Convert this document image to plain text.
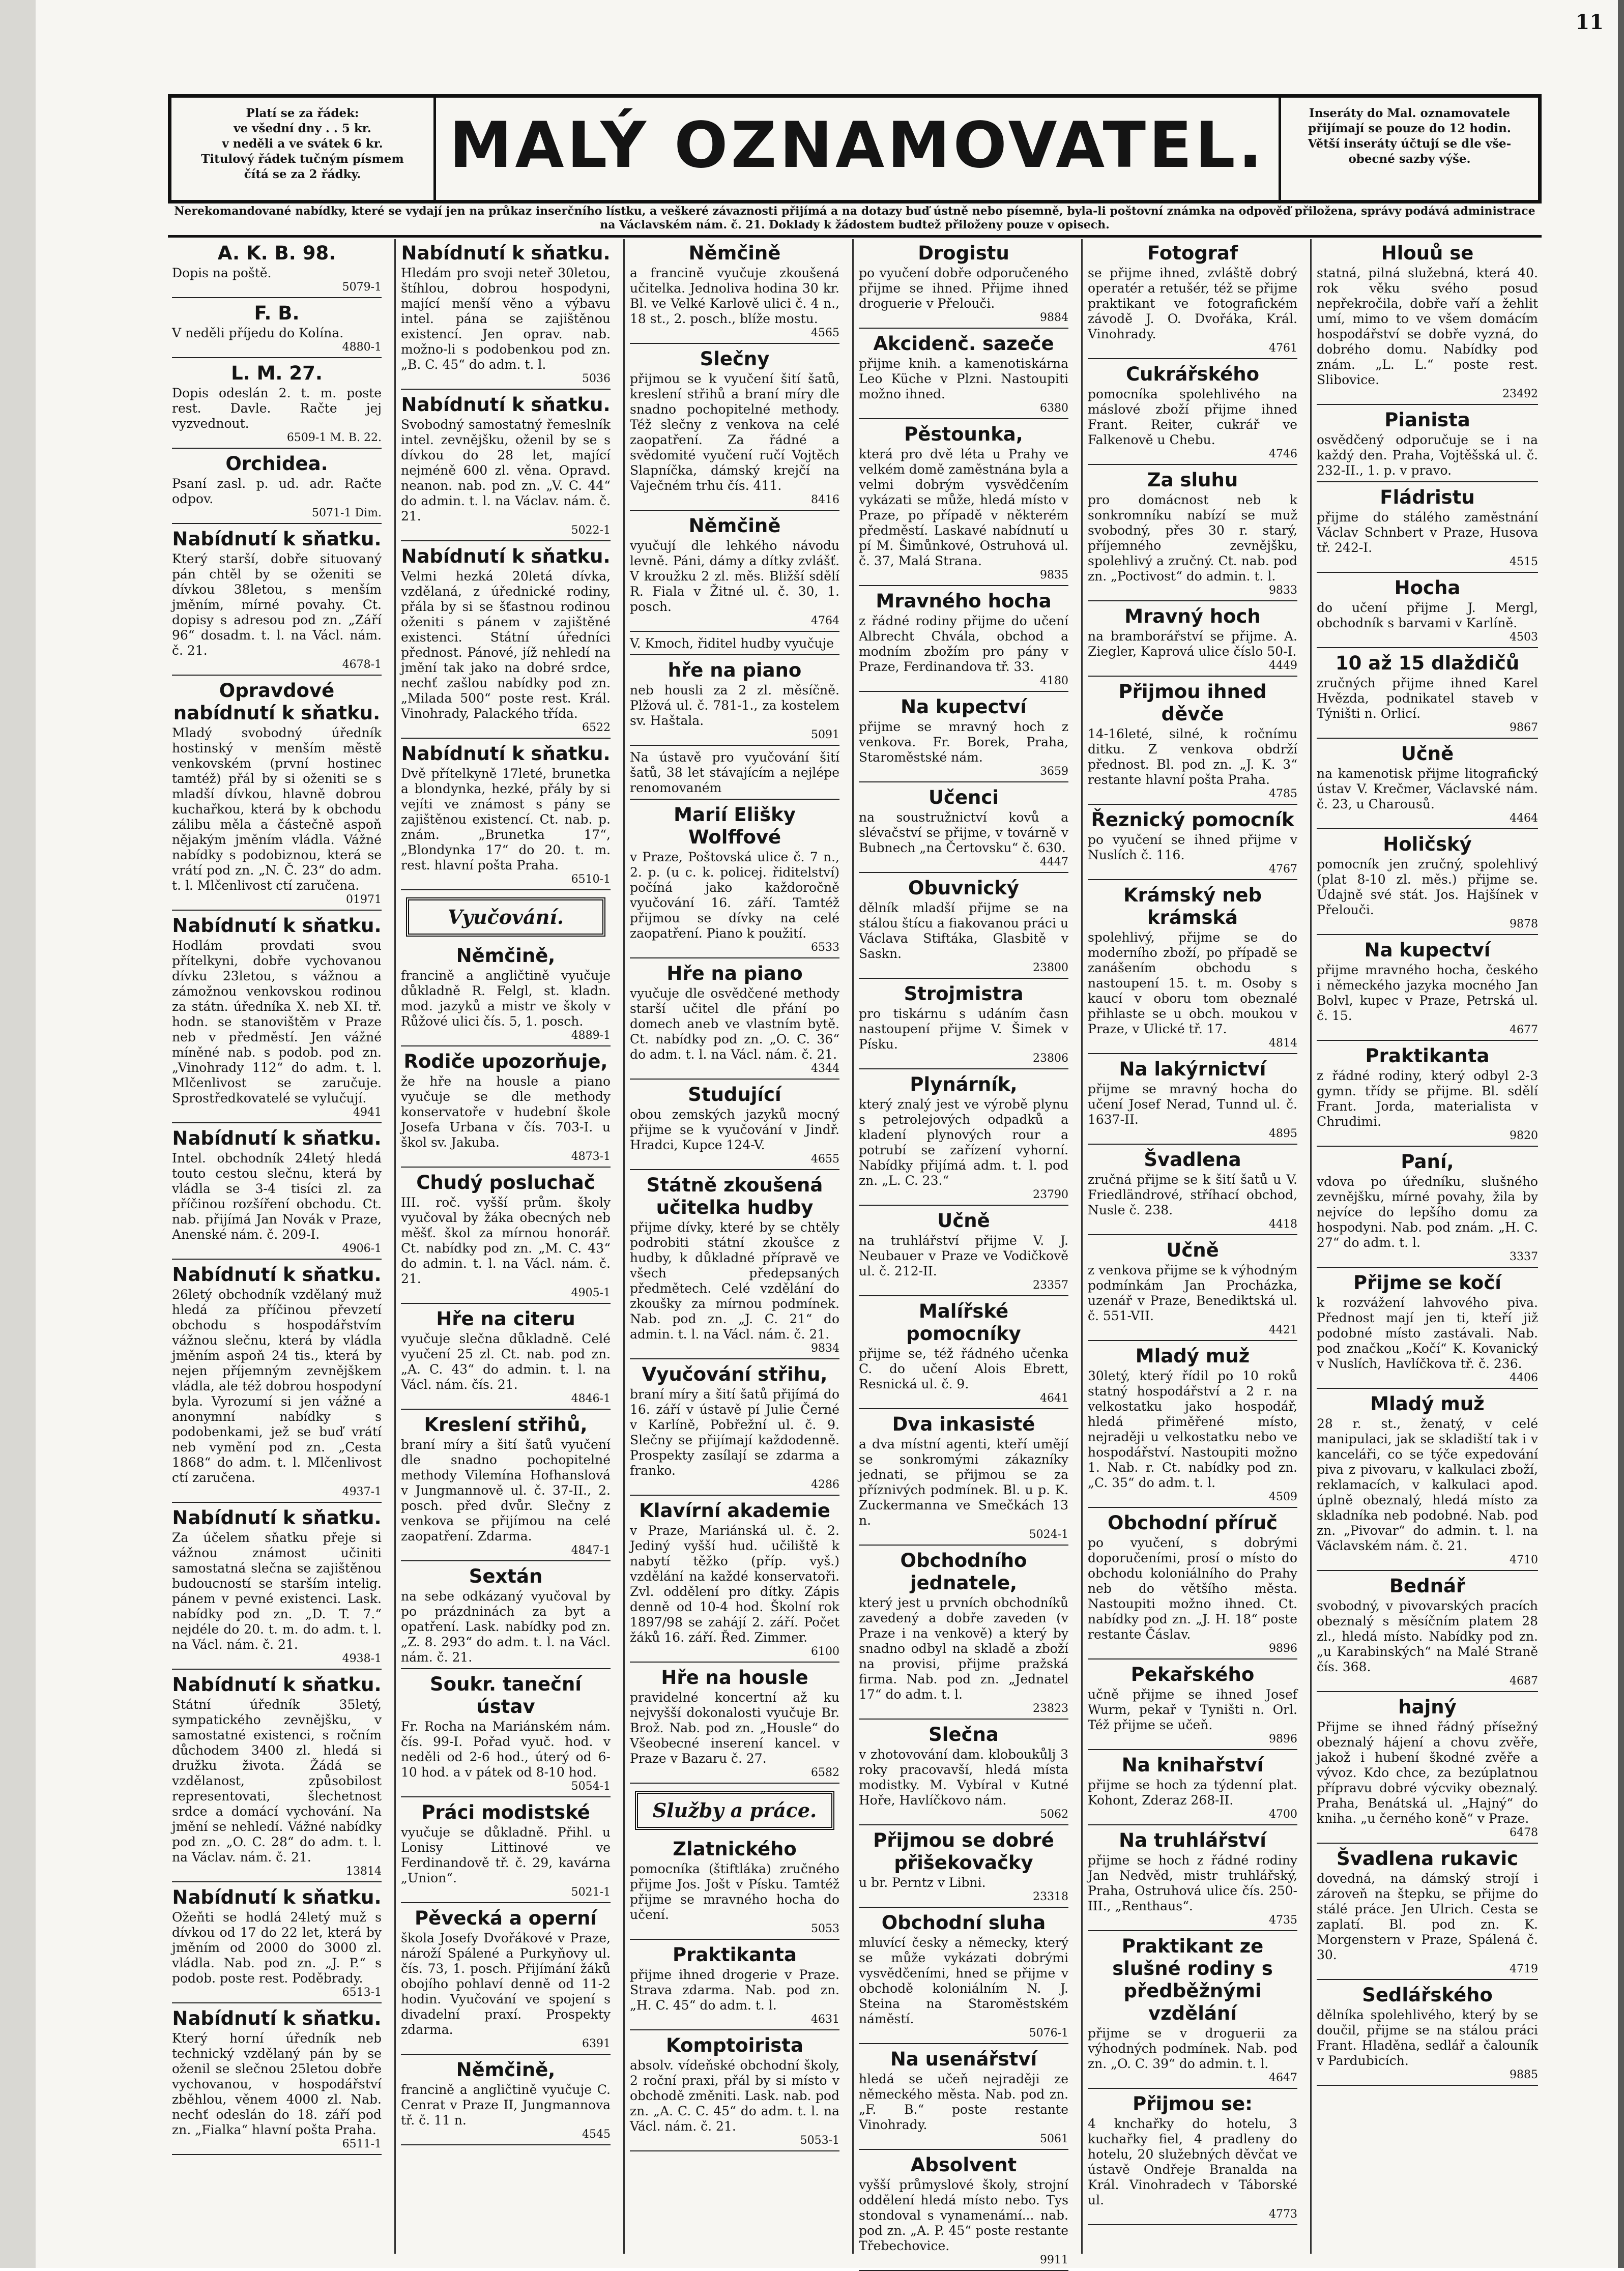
11
Platí se za řádek:
ve všední dny . . 5 kr.
v neděli a ve svátek 6 kr.
Titulový řádek tučným písmem
čítá se za 2 řádky.	MALÝ OZNAMOVATEL.	Inseráty do Mal. oznamovatele
přijímají se pouze do 12 hodin.
Větší inseráty účtují se dle vše-
obecné sazby výše.
Nerekomandované nabídky, které se vydají jen na průkaz inserčního lístku, a veškeré závaznosti přijímá a na dotazy buď ústně nebo písemně, byla-li poštovní známka na odpověď přiložena, správy podává administrace na Václavském nám. č. 21. Doklady k žádostem budtež přiloženy pouze v opisech.
A. K. B. 98.
Dopis na poště.
5079-1
F. B.
V neděli příjedu do Kolína.
4880-1
L. M. 27.
Dopis odeslán 2. t. m. poste rest. Davle. Račte jej vyzvednout.
6509-1 M. B. 22.
Orchidea.
Psaní zasl. p. ud. adr. Račte odpov.
5071-1 Dim.
Nabídnutí k sňatku.
Který starší, dobře situovaný pán chtěl by se oženiti se dívkou 38letou, s menším jměním, mírné povahy. Ct. dopisy s adresou pod zn. „Září 96“ dosadm. t. l. na Václ. nám. č. 21.
4678-1
Opravdové nabídnutí k sňatku.
Mladý svobodný úředník hostinský v menším městě venkovském (první hostinec tamtéž) přál by si oženiti se s mladší dívkou, hlavně dobrou kuchařkou, která by k obchodu zálibu měla a částečně aspoň nějakým jměním vládla. Vážné nabídky s podobiznou, která se vrátí pod zn. „N. Č. 23“ do adm. t. l. Mlčenlivost ctí zaručena.
01971
Nabídnutí k sňatku.
Hodlám provdati svou přítelkyni, dobře vychovanou dívku 23letou, s vážnou a zámožnou venkovskou rodinou za státn. úředníka X. neb XI. tř. hodn. se stanovištěm v Praze neb v předměstí. Jen vážné míněné nab. s podob. pod zn. „Vinohrady 112“ do adm. t. l. Mlčenlivost se zaručuje. Sprostředkovatelé se vylučují.
4941
Nabídnutí k sňatku.
Intel. obchodník 24letý hledá touto cestou slečnu, která by vládla se 3-4 tisíci zl. za příčinou rozšíření obchodu. Ct. nab. přijímá Jan Novák v Praze, Anenské nám. č. 209-I.
4906-1
Nabídnutí k sňatku.
26letý obchodník vzdělaný muž hledá za příčinou převzetí obchodu s hospodářstvím vážnou slečnu, která by vládla jměním aspoň 24 tis., která by nejen příjemným zevnějškem vládla, ale též dobrou hospodyní byla. Vyrozumí si jen vážné a anonymní nabídky s podobenkami, jež se buď vrátí neb vymění pod zn. „Cesta 1868“ do adm. t. l. Mlčenlivost ctí zaručena.
4937-1
Nabídnutí k sňatku.
Za účelem sňatku přeje si vážnou známost učiniti samostatná slečna se zajištěnou budoucností se starším intelig. pánem v pevné existenci. Lask. nabídky pod zn. „D. T. 7.“ nejdéle do 20. t. m. do adm. t. l. na Václ. nám. č. 21.
4938-1
Nabídnutí k sňatku.
Státní úředník 35letý, sympatického zevnějšku, v samostatné existenci, s ročním důchodem 3400 zl. hledá si družku života. Žádá se vzdělanost, způsobilost representovati, šlechetnost srdce a domácí vychování. Na jmění se nehledí. Vážné nabídky pod zn. „O. C. 28“ do adm. t. l. na Václav. nám. č. 21.
13814
Nabídnutí k sňatku.
Ožeňti se hodlá 24letý muž s dívkou od 17 do 22 let, která by jměním od 2000 do 3000 zl. vládla. Nab. pod zn. „J. P.“ s podob. poste rest. Poděbrady.
6513-1
Nabídnutí k sňatku.
Který horní úředník neb technický vzdělaný pán by se oženil se slečnou 25letou dobře vychovanou, v hospodářství zběhlou, věnem 4000 zl. Nab. nechť odeslán do 18. září pod zn. „Fialka“ hlavní pošta Praha.
6511-1
Nabídnutí k sňatku.
Hledám pro svoji neteř 30letou, štíhlou, dobrou hospodyni, mající menší věno a výbavu intel. pána se zajištěnou existencí. Jen oprav. nab. možno-li s podobenkou pod zn. „B. C. 45“ do adm. t. l.
5036
Nabídnutí k sňatku.
Svobodný samostatný řemeslník intel. zevnějšku, oženil by se s dívkou do 28 let, mající nejméně 600 zl. věna. Opravd. neanon. nab. pod zn. „V. C. 44“ do admin. t. l. na Václav. nám. č. 21.
5022-1
Nabídnutí k sňatku.
Velmi hezká 20letá dívka, vzdělaná, z úřednické rodiny, přála by si se šťastnou rodinou oženiti s pánem v zajištěné existenci. Státní úředníci přednost. Pánové, jíž nehledí na jmění tak jako na dobré srdce, nechť zašlou nabídky pod zn. „Milada 500“ poste rest. Král. Vinohrady, Palackého třída.
6522
Nabídnutí k sňatku.
Dvě přítelkyně 17leté, brunetka a blondynka, hezké, přály by si vejíti ve známost s pány se zajištěnou existencí. Ct. nab. p. znám. „Brunetka 17“, „Blondynka 17“ do 20. t. m. rest. hlavní pošta Praha.
6510-1
Vyučování.
Němčině,
francině a angličtině vyučuje důkladně R. Felgl, st. kladn. mod. jazyků a mistr ve školy v Růžové ulici čís. 5, 1. posch.
4889-1
Rodiče upozorňuje,
že hře na housle a piano vyučuje se dle methody konservatoře v hudební škole Josefa Urbana v čís. 703-I. u škol sv. Jakuba.
4873-1
Chudý posluchač
III. roč. vyšší prům. školy vyučoval by žáka obecných neb měšť. škol za mírnou honorář. Ct. nabídky pod zn. „M. C. 43“ do admin. t. l. na Václ. nám. č. 21.
4905-1
Hře na citeru
vyučuje slečna důkladně. Celé vyučení 25 zl. Ct. nab. pod zn. „A. C. 43“ do admin. t. l. na Václ. nám. čís. 21.
4846-1
Kreslení střihů,
braní míry a šití šatů vyučení dle snadno pochopitelné methody Vilemína Hofhanslová v Jungmannově ul. č. 37-II., 2. posch. před dvůr. Slečny z venkova se přijímou na celé zaopatření. Zdarma.
4847-1
Sextán
na sebe odkázaný vyučoval by po prázdninách za byt a opatření. Lask. nabídky pod zn. „Z. 8. 293“ do adm. t. l. na Václ. nám. č. 21.
Soukr. taneční ústav
Fr. Rocha na Mariánském nám. čís. 99-I. Pořad vyuč. hod. v neděli od 2-6 hod., úterý od 6-10 hod. a v pátek od 8-10 hod.
5054-1
Práci modistské
vyučuje se důkladně. Přihl. u Lonisy Littinové ve Ferdinandově tř. č. 29, kavárna „Union“.
5021-1
Pěvecká a operní
škola Josefy Dvořákové v Praze, nároží Spálené a Purkyňovy ul. čís. 73, 1. posch. Přijímání žáků obojího pohlaví denně od 11-2 hodin. Vyučování ve spojení s divadelní praxí. Prospekty zdarma.
6391
Němčině,
francině a angličtině vyučuje C. Cenrat v Praze II, Jungmannova tř. č. 11 n.
4545
Němčině
a francině vyučuje zkoušená učitelka. Jednoliva hodina 30 kr. Bl. ve Velké Karlově ulici č. 4 n., 18 st., 2. posch., blíže mostu.
4565
Slečny
přijmou se k vyučení šití šatů, kreslení střihů a braní míry dle snadno pochopitelné methody. Též slečny z venkova na celé zaopatření. Za řádné a svědomité vyučení ručí Vojtěch Slapníčka, dámský krejčí na Vaječném trhu čís. 411.
8416
Němčině
vyučují dle lehkého návodu levně. Páni, dámy a dítky zvlášť. V kroužku 2 zl. měs. Bližší sdělí R. Fiala v Žitné ul. č. 30, 1. posch.
4764
V. Kmoch, řiditel hudby vyučuje
hře na piano
neb housli za 2 zl. měsíčně. Plžová ul. č. 781-1., za kostelem sv. Haštala.
5091
Na ústavě pro vyučování šití šatů, 38 let stávajícím a nejlépe renomovaném
Marií Elišky Wolffové
v Praze, Poštovská ulice č. 7 n., 2. p. (u c. k. policej. řiditelství) počíná jako každoročně vyučování 16. září. Tamtéž přijmou se dívky na celé zaopatření. Piano k použití.
6533
Hře na piano
vyučuje dle osvědčené methody starší učitel dle přání po domech aneb ve vlastním bytě. Ct. nabídky pod zn. „O. C. 36“ do adm. t. l. na Václ. nám. č. 21.
4344
Studující
obou zemských jazyků mocný přijme se k vyučování v Jindř. Hradci, Kupce 124-V.
4655
Státně zkoušená učitelka hudby
přijme dívky, které by se chtěly podrobiti státní zkoušce z hudby, k důkladné přípravě ve všech předepsaných předmětech. Celé vzdělání do zkoušky za mírnou podmínek. Nab. pod zn. „J. C. 21“ do admin. t. l. na Václ. nám. č. 21.
9834
Vyučování střihu,
braní míry a šití šatů přijímá do 16. září v ústavě pí Julie Černé v Karlíně, Pobřežní ul. č. 9. Slečny se přijímají každodenně. Prospekty zasílají se zdarma a franko.
4286
Klavírní akademie
v Praze, Mariánská ul. č. 2. Jediný vyšší hud. učiliště k nabytí těžko (příp. vyš.) vzdělání na každé konservatoři. Zvl. oddělení pro dítky. Zápis denně od 10-4 hod. Školní rok 1897/98 se zahájí 2. září. Počet žáků 16. září. Řed. Zimmer.
6100
Hře na housle
pravidelné koncertní až ku nejvyšší dokonalosti vyučuje Br. Brož. Nab. pod zn. „Housle“ do Všeobecné inserení kancel. v Praze v Bazaru č. 27.
6582
Služby a práce.
Zlatnického
pomocníka (štiftláka) zručného přijme Jos. Jošt v Písku. Tamtéž přijme se mravného hocha do učení.
5053
Praktikanta
přijme ihned drogerie v Praze. Strava zdarma. Nab. pod zn. „H. C. 45“ do adm. t. l.
4631
Komptoirista
absolv. vídeňské obchodní školy, 2 roční praxi, přál by si místo v obchodě změniti. Lask. nab. pod zn. „A. C. C. 45“ do adm. t. l. na Václ. nám. č. 21.
5053-1
Drogistu
po vyučení dobře odporučeného přijme se ihned. Přijme ihned droguerie v Přelouči.
9884
Akcidenč. sazeče
přijme knih. a kamenotiskárna Leo Küche v Plzni. Nastoupiti možno ihned.
6380
Pěstounka,
která pro dvě léta u Prahy ve velkém domě zaměstnána byla a velmi dobrým vysvědčením vykázati se může, hledá místo v Praze, po případě v některém předměstí. Laskavé nabídnutí u pí M. Šimůnkové, Ostruhová ul. č. 37, Malá Strana.
9835
Mravného hocha
z řádné rodiny přijme do učení Albrecht Chvála, obchod a modním zbožím pro pány v Praze, Ferdinandova tř. 33.
4180
Na kupectví
přijme se mravný hoch z venkova. Fr. Borek, Praha, Staroměstské nám.
3659
Učenci
na soustružnictví kovů a slévačství se přijme, v továrně v Bubnech „na Čertovsku“ č. 630.
4447
Obuvnický
dělník mladší přijme se na stálou štícu a fiakovanou práci u Václava Stiftáka, Glasbitě v Saskn.
23800
Strojmistra
pro tiskárnu s udáním časn nastoupení přijme V. Šimek v Písku.
23806
Plynárník,
který znalý jest ve výrobě plynu s petrolejových odpadků a kladení plynových rour a potrubí se zařízení vyhorní. Nabídky přijímá adm. t. l. pod zn. „L. C. 23.“
23790
Učně
na truhlářství přijme V. J. Neubauer v Praze ve Vodičkově ul. č. 212-II.
23357
Malířské pomocníky
přijme se, též řádného učenka C. do učení Alois Ebrett, Resnická ul. č. 9.
4641
Dva inkasisté
a dva místní agenti, kteří umějí se sonkromými zákazníky jednati, se přijmou se za příznivých podmínek. Bl. u p. K. Zuckermanna ve Smečkách 13 n.
5024-1
Obchodního jednatele,
který jest u prvních obchodníků zavedený a dobře zaveden (v Praze i na venkově) a který by snadno odbyl na skladě a zboží na provisi, přijme pražská firma. Nab. pod zn. „Jednatel 17“ do adm. t. l.
23823
Slečna
v zhotovování dam. kloboukůlj 3 roky pracovavší, hledá místa modistky. M. Vybíral v Kutné Hoře, Havlíčkovo nám.
5062
Přijmou se dobré přišekovačky
u br. Perntz v Libni.
23318
Obchodní sluha
mluvící česky a německy, který se může vykázati dobrými vysvědčeními, hned se přijme v obchodě koloniálním N. J. Steina na Staroměstském náměstí.
5076-1
Na usenářství
hledá se učeň nejraději ze německého města. Nab. pod zn. „F. B.“ poste restante Vinohrady.
5061
Absolvent
vyšší průmyslové školy, strojní oddělení hledá místo nebo. Tys stondoval s vynamenámí... nab. pod zn. „A. P. 45“ poste restante Třebechovice.
9911
Fotograf
se přijme ihned, zvláště dobrý operatér a retušér, též se přijme praktikant ve fotografickém závodě J. O. Dvořáka, Král. Vinohrady.
4761
Cukrářského
pomocníka spolehlivého na máslové zboží přijme ihned Frant. Reiter, cukrář ve Falkenově u Chebu.
4746
Za sluhu
pro domácnost neb k sonkromníku nabízí se muž svobodný, přes 30 r. starý, příjemného zevnějšku, spolehlivý a zručný. Ct. nab. pod zn. „Poctivost“ do admin. t. l.
9833
Mravný hoch
na bramborářství se přijme. A. Ziegler, Kaprová ulice číslo 50-I.
4449
Přijmou ihned děvče
14-16leté, silné, k ročnímu ditku. Z venkova obdrží přednost. Bl. pod zn. „J. K. 3“ restante hlavní pošta Praha.
4785
Řeznický pomocník
po vyučení se ihned přijme v Nuslích č. 116.
4767
Krámský neb krámská
spolehlivý, přijme se do moderního zboží, po případě se zanášením obchodu s nastoupení 15. t. m. Osoby s kaucí v oboru tom obeznalé přihlaste se u obch. moukou v Praze, v Ulické tř. 17.
4814
Na lakýrnictví
přijme se mravný hocha do učení Josef Nerad, Tunnd ul. č. 1637-II.
4895
Švadlena
zručná přijme se k šití šatů u V. Friedländrové, stříhací obchod, Nusle č. 238.
4418
Učně
z venkova přijme se k výhodným podmínkám Jan Procházka, uzenář v Praze, Benediktská ul. č. 551-VII.
4421
Mladý muž
30letý, který řídil po 10 roků statný hospodářství a 2 r. na velkostatku jako hospodář, hledá přiměřené místo, nejraději u velkostatku nebo ve hospodářství. Nastoupiti možno 1. Nab. r. Ct. nabídky pod zn. „C. 35“ do adm. t. l.
4509
Obchodní příruč
po vyučení, s dobrými doporučeními, prosí o místo do obchodu koloniálního do Prahy neb do většího města. Nastoupiti možno ihned. Ct. nabídky pod zn. „J. H. 18“ poste restante Čáslav.
9896
Pekařského
učně přijme se ihned Josef Wurm, pekař v Tyništi n. Orl. Též přijme se učeň.
9896
Na knihařství
přijme se hoch za týdenní plat. Kohont, Zderaz 268-II.
4700
Na truhlářství
přijme se hoch z řádné rodiny Jan Nedvěd, mistr truhlářský, Praha, Ostruhová ulice čís. 250-III., „Renthaus“.
4735
Praktikant ze slušné rodiny s předběžnými vzdělání
přijme se v droguerii za výhodných podmínek. Nab. pod zn. „O. C. 39“ do admin. t. l.
4647
Přijmou se:
4 knchařky do hotelu, 3 kuchařky fiel, 4 pradleny do hotelu, 20 služebných děvčat ve ústavě Ondřeje Branalda na Král. Vinohradech v Táborské ul.
4773
Hlouů se
statná, pilná služebná, která 40. rok věku svého posud nepřekročila, dobře vaří a žehlit umí, mimo to ve všem domácím hospodářství se dobře vyzná, do dobrého domu. Nabídky pod znám. „L. L.“ poste rest. Slibovice.
23492
Pianista
osvědčený odporučuje se i na každý den. Praha, Vojtěšská ul. č. 232-II., 1. p. v pravo.
Fládristu
přijme do stálého zaměstnání Václav Schnbert v Praze, Husova tř. 242-I.
4515
Hocha
do učení přijme J. Mergl, obchodník s barvami v Karlíně.
4503
10 až 15 dlaždičů
zručných přijme ihned Karel Hvězda, podnikatel staveb v Týništi n. Orlicí.
9867
Učně
na kamenotisk přijme litografický ústav V. Krečmer, Václavské nám. č. 23, u Charousů.
4464
Holičský
pomocník jen zručný, spolehlivý (plat 8-10 zl. měs.) přijme se. Údajně své stát. Jos. Hajšínek v Přelouči.
9878
Na kupectví
přijme mravného hocha, českého i německého jazyka mocného Jan Bolvl, kupec v Praze, Petrská ul. č. 15.
4677
Praktikanta
z řádné rodiny, který odbyl 2-3 gymn. třídy se přijme. Bl. sdělí Frant. Jorda, materialista v Chrudimi.
9820
Paní,
vdova po úředníku, slušného zevnějšku, mírné povahy, žila by nejvíce do lepšího domu za hospodyni. Nab. pod znám. „H. C. 27“ do adm. t. l.
3337
Přijme se kočí
k rozvážení lahvového piva. Přednost mají jen ti, kteří již podobné místo zastávali. Nab. pod značkou „Kočí“ K. Kovanický v Nuslích, Havlíčkova tř. č. 236.
4406
Mladý muž
28 r. st., ženatý, v celé manipulaci, jak se skladiští tak i v kanceláři, co se týče expedování piva z pivovaru, v kalkulaci zboží, reklamacích, v kalkulaci apod. úplně obeznalý, hledá místo za skladníka neb podobné. Nab. pod zn. „Pivovar“ do admin. t. l. na Václavském nám. č. 21.
4710
Bednář
svobodný, v pivovarských pracích obeznalý s měsíčním platem 28 zl., hledá místo. Nabídky pod zn. „u Karabinských“ na Malé Straně čís. 368.
4687
hajný
Přijme se ihned řádný přísežný obeznalý hájení a chovu zvěře, jakož i hubení škodné zvěře a vývoz. Kdo chce, za bezúplatnou přípravu dobré výcviky obeznalý. Praha, Benátská ul. „Hajný“ do kniha. „u černého koně“ v Praze.
6478
Švadlena rukavic
dovedná, na dámský strojí i zároveň na štepku, se přijme do stálé práce. Jen Ulrich. Cesta se zaplatí. Bl. pod zn. K. Morgenstern v Praze, Spálená č. 30.
4719
Sedlářského
dělníka spolehlivého, který by se doučil, přijme se na stálou práci Frant. Hladěna, sedlář a čalouník v Pardubicích.
9885
